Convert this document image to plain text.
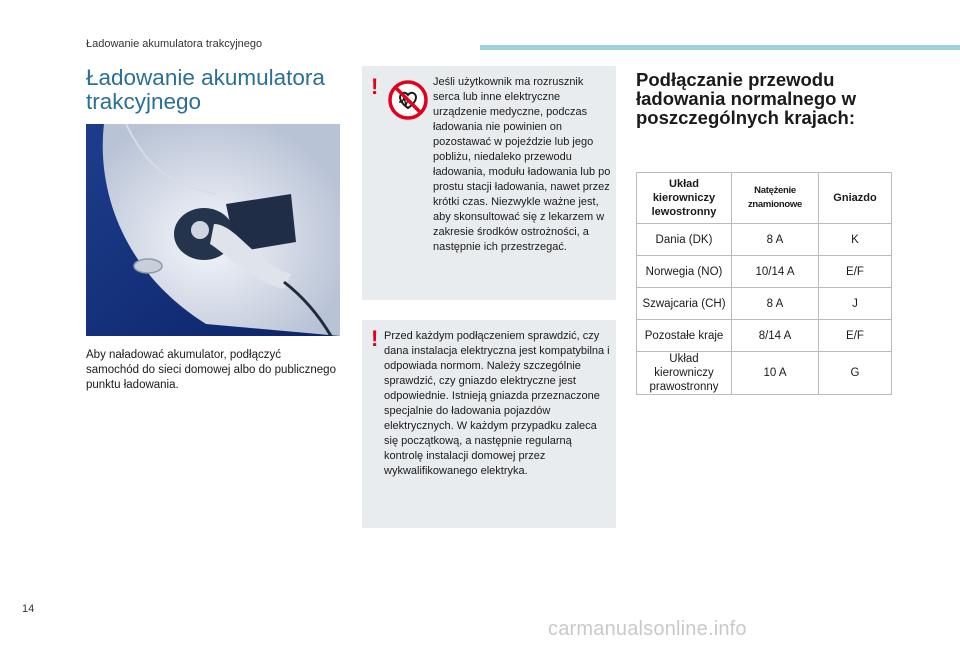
Ładowanie akumulatora trakcyjnego
Ładowanie akumulatora trakcyjnego
Aby naładować akumulator, podłączyć samochód do sieci domowej albo do publicznego punktu ładowania.
!	Jeśli użytkownik ma rozrusznik serca lub inne elektryczne urządzenie medyczne, podczas ładowania nie powinien on pozostawać w pojeździe lub jego pobliżu, niedaleko przewodu ładowania, modułu ładowania lub po prostu stacji ładowania, nawet przez krótki czas. Niezwykle ważne jest, aby skonsultować się z lekarzem w zakresie środków ostrożności, a następnie ich przestrzegać.
! Przed każdym podłączeniem sprawdzić, czy dana instalacja elektryczna jest kompatybilna i odpowiada normom. Należy szczególnie sprawdzić, czy gniazdo elektryczne jest odpowiednie. Istnieją gniazda przeznaczone specjalnie do ładowania pojazdów elektrycznych. W każdym przypadku zaleca się początkową, a następnie regularną kontrolę instalacji domowej przez wykwalifikowanego elektryka.
Podłączanie przewodu ładowania normalnego w poszczególnych krajach:
Układ kierowniczy lewostronny	Natężenie znamionowe	Gniazdo
Dania (DK)	8 A	K
Norwegia (NO)	10/14 A	E/F
Szwajcaria (CH)	8 A	J
Pozostałe kraje	8/14 A	E/F
Układ kierowniczy prawostronny	10 A	G
14
carmanualsonline.info
